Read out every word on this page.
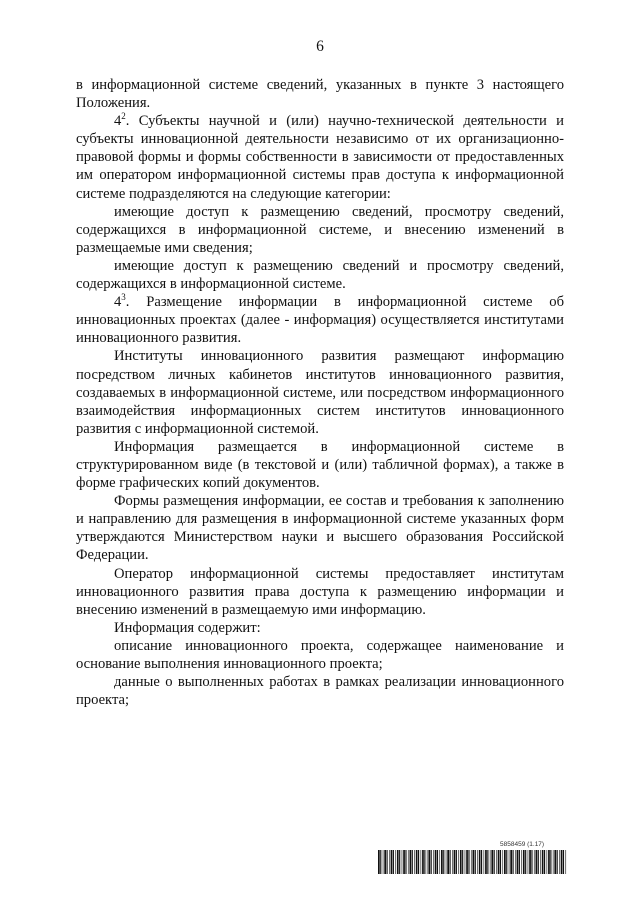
6

в информационной системе сведений, указанных в пункте 3 настоящего Положения.

$4^2$. Субъекты научной и (или) научно-технической деятельности и субъекты инновационной деятельности независимо от их организационно-правовой формы и формы собственности в зависимости от предоставленных им оператором информационной системы прав доступа к информационной системе подразделяются на следующие категории:

имеющие доступ к размещению сведений, просмотру сведений, содержащихся в информационной системе, и внесению изменений в размещаемые ими сведения;

имеющие доступ к размещению сведений и просмотру сведений, содержащихся в информационной системе.

$4^3$. Размещение информации в информационной системе об инновационных проектах (далее - информация) осуществляется институтами инновационного развития.

Институты инновационного развития размещают информацию посредством личных кабинетов институтов инновационного развития, создаваемых в информационной системе, или посредством информационного взаимодействия информационных систем институтов инновационного развития с информационной системой.

Информация размещается в информационной системе в структурированном виде (в текстовой и (или) табличной формах), а также в форме графических копий документов.

Формы размещения информации, ее состав и требования к заполнению и направлению для размещения в информационной системе указанных форм утверждаются Министерством науки и высшего образования Российской Федерации.

Оператор информационной системы предоставляет институтам инновационного развития права доступа к размещению информации и внесению изменений в размещаемую ими информацию.

Информация содержит:

описание инновационного проекта, содержащее наименование и основание выполнения инновационного проекта;

данные о выполненных работах в рамках реализации инновационного проекта;

5858459 (1.17)
